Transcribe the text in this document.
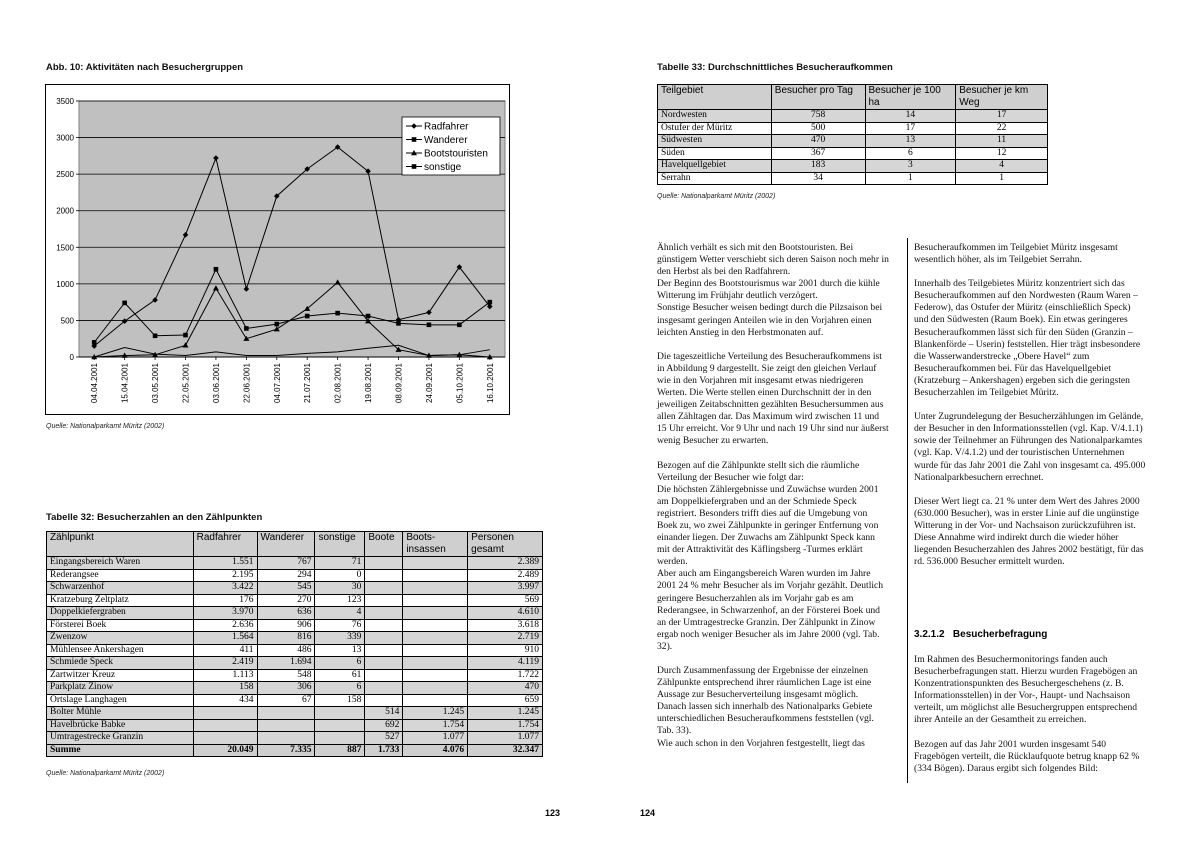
Abb. 10: Aktivitäten nach Besuchergruppen
0
500
1000
1500
2000
2500
3000
3500
04.04.2001	15.04.2001	03.05.2001	22.05.2001	03.06.2001	22.06.2001	04.07.2001	21.07.2001	02.08.2001	19.08.2001	08.09.2001	24.09.2001	05.10.2001	16.10.2001
Radfahrer
Wanderer
Bootstouristen
sonstige
Quelle: Nationalparkamt Müritz (2002)
Tabelle 32: Besucherzahlen an den Zählpunkten
Zählpunkt	Radfahrer	Wanderer	sonstige	Boote	Boots-insassen	Personen gesamt
Eingangsbereich Waren	1.551	767	71			2.389
Rederangsee	2.195	294	0			2.489
Schwarzenhof	3.422	545	30			3.997
Kratzeburg Zeltplatz	176	270	123			569
Doppelkiefergraben	3.970	636	4			4.610
Försterei Boek	2.636	906	76			3.618
Zwenzow	1.564	816	339			2.719
Mühlensee Ankershagen	411	486	13			910
Schmiede Speck	2.419	1.694	6			4.119
Zartwitzer Kreuz	1.113	548	61			1.722
Parkplatz Zinow	158	306	6			470
Ortslage Langhagen	434	67	158			659
Bolter Mühle				514	1.245	1.245
Havelbrücke Babke				692	1.754	1.754
Umtragestrecke Granzin				527	1.077	1.077
Summe	20.049	7.335	887	1.733	4.076	32.347
Quelle: Nationalparkamt Müritz (2002)
123
Tabelle 33: Durchschnittliches Besucheraufkommen
Teilgebiet	Besucher pro Tag	Besucher je 100 ha	Besucher je km Weg
Nordwesten	758	14	17
Ostufer der Müritz	500	17	22
Südwesten	470	13	11
Süden	367	6	12
Havelquellgebiet	183	3	4
Serrahn	34	1	1
Quelle: Nationalparkamt Müritz (2002)

Ähnlich verhält es sich mit den Bootstouristen. Bei günstigem Wetter verschiebt sich deren Saison noch mehr in den Herbst als bei den Radfahrern.
Der Beginn des Bootstourismus war 2001 durch die kühle Witterung im Frühjahr deutlich verzögert.
Sonstige Besucher weisen bedingt durch die Pilzsaison bei insgesamt geringen Anteilen wie in den Vorjahren einen leichten Anstieg in den Herbstmonaten auf.

Die tageszeitliche Verteilung des Besucheraufkommens ist in Abbildung 9 dargestellt. Sie zeigt den gleichen Verlauf wie in den Vorjahren mit insgesamt etwas niedrigeren Werten. Die Werte stellen einen Durchschnitt der in den jeweiligen Zeitabschnitten gezählten Besuchersummen aus allen Zähltagen dar. Das Maximum wird zwischen 11 und 15 Uhr erreicht. Vor 9 Uhr und nach 19 Uhr sind nur äußerst wenig Besucher zu erwarten.

Bezogen auf die Zählpunkte stellt sich die räumliche Verteilung der Besucher wie folgt dar:
Die höchsten Zählergebnisse und Zuwächse wurden 2001 am Doppelkiefergraben und an der Schmiede Speck registriert. Besonders trifft dies auf die Umgebung von Boek zu, wo zwei Zählpunkte in geringer Entfernung von einander liegen. Der Zuwachs am Zählpunkt Speck kann mit der Attraktivität des Käflingsberg -Turmes erklärt werden.
Aber auch am Eingangsbereich Waren wurden im Jahre 2001 24 % mehr Besucher als im Vorjahr gezählt. Deutlich geringere Besucherzahlen als im Vorjahr gab es am Rederangsee, in Schwarzenhof, an der Försterei Boek und an der Umtragestrecke Granzin. Der Zählpunkt in Zinow ergab noch weniger Besucher als im Jahre 2000 (vgl. Tab. 32).

Durch Zusammenfassung der Ergebnisse der einzelnen Zählpunkte entsprechend ihrer räumlichen Lage ist eine Aussage zur Besucherverteilung insgesamt möglich. Danach lassen sich innerhalb des Nationalparks Gebiete unterschiedlichen Besucheraufkommens feststellen (vgl. Tab. 33).
Wie auch schon in den Vorjahren festgestellt, liegt das

Besucheraufkommen im Teilgebiet Müritz insgesamt wesentlich höher, als im Teilgebiet Serrahn.

Innerhalb des Teilgebietes Müritz konzentriert sich das Besucheraufkommen auf den Nordwesten (Raum Waren – Federow), das Ostufer der Müritz (einschließlich Speck) und den Südwesten (Raum Boek). Ein etwas geringeres Besucheraufkommen lässt sich für den Süden (Granzin – Blankenförde – Userin) feststellen. Hier trägt insbesondere die Wasserwanderstrecke „Obere Havel“ zum Besucheraufkommen bei. Für das Havelquellgebiet (Kratzeburg – Ankershagen) ergeben sich die geringsten Besucherzahlen im Teilgebiet Müritz.

Unter Zugrundelegung der Besucherzählungen im Gelände, der Besucher in den Informationsstellen (vgl. Kap. V/4.1.1) sowie der Teilnehmer an Führungen des Nationalparkamtes (vgl. Kap. V/4.1.2) und der touristischen Unternehmen wurde für das Jahr 2001 die Zahl von insgesamt ca. 495.000 Nationalparkbesuchern errechnet.

Dieser Wert liegt ca. 21 % unter dem Wert des Jahres 2000 (630.000 Besucher), was in erster Linie auf die ungünstige Witterung in der Vor- und Nachsaison zurückzuführen ist. Diese Annahme wird indirekt durch die wieder höher liegenden Besucherzahlen des Jahres 2002 bestätigt, für das rd. 536.000 Besucher ermittelt wurden.

3.2.1.2   Besucherbefragung

Im Rahmen des Besuchermonitorings fanden auch Besucherbefragungen statt. Hierzu wurden Fragebögen an Konzentrationspunkten des Besuchergeschehens (z. B. Informationsstellen) in der Vor-, Haupt- und Nachsaison verteilt, um möglichst alle Besuchergruppen entsprechend ihrer Anteile an der Gesamtheit zu erreichen.

Bezogen auf das Jahr 2001 wurden insgesamt 540 Fragebögen verteilt, die Rücklaufquote betrug knapp 62 % (334 Bögen). Daraus ergibt sich folgendes Bild:

124
